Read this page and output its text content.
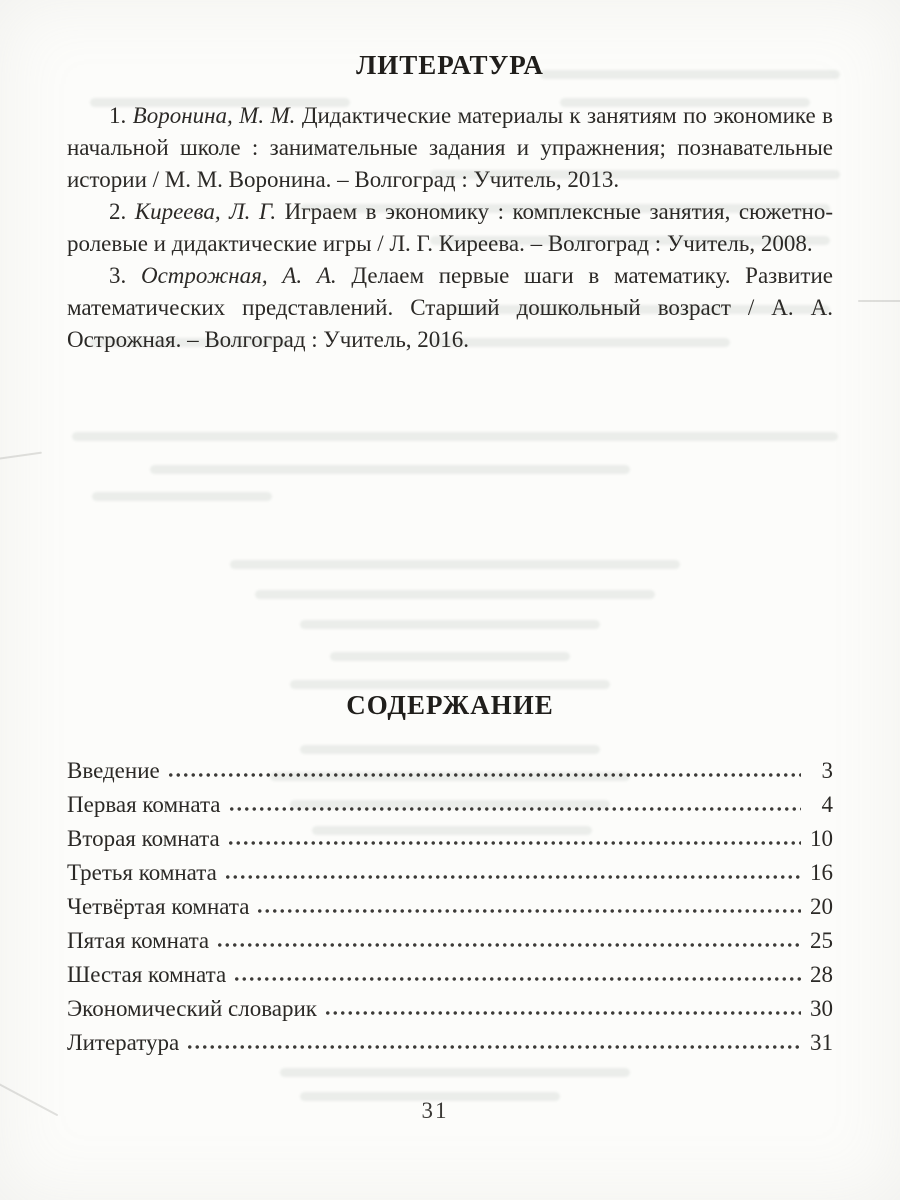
ЛИТЕРАТУРА

1. Воронина, М. М. Дидактические материалы к занятиям по экономике в начальной школе : занимательные задания и упражнения; познавательные истории / М. М. Воронина. – Волгоград : Учитель, 2013.

2. Киреева, Л. Г. Играем в экономику : комплексные занятия, сюжетно-ролевые и дидактические игры / Л. Г. Киреева. – Волгоград : Учитель, 2008.

3. Острожная, А. А. Делаем первые шаги в математику. Развитие математических представлений. Старший дошкольный возраст / А. А. Острожная. – Волгоград : Учитель, 2016.

СОДЕРЖАНИЕ
Введение	3
Первая комната	4
Вторая комната	10
Третья комната	16
Четвёртая комната	20
Пятая комната	25
Шестая комната	28
Экономический словарик	30
Литература	31
31
